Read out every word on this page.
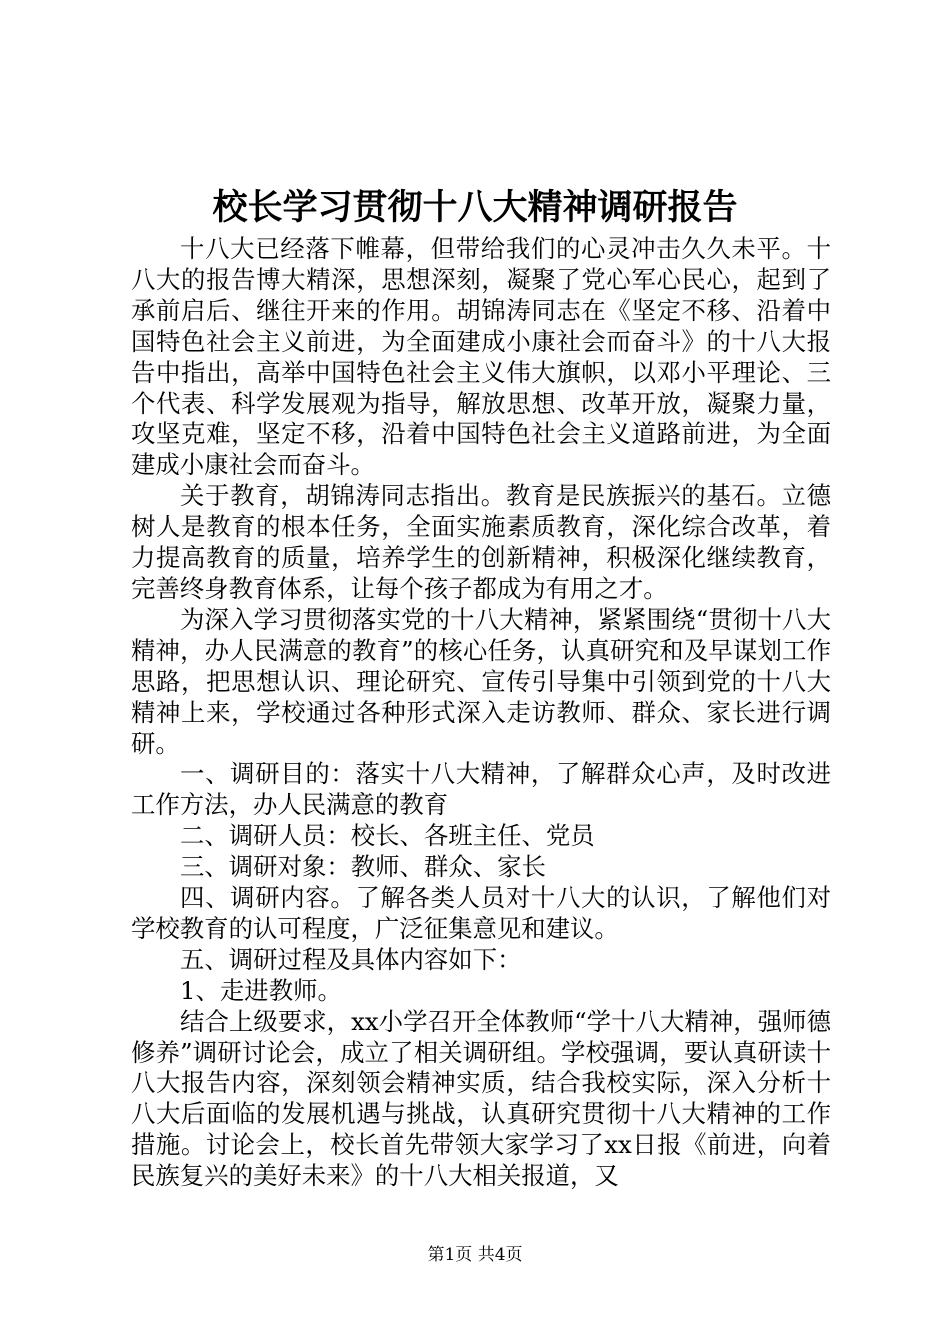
校长学习贯彻十八大精神调研报告

十八大已经落下帷幕，但带给我们的心灵冲击久久未平。十八大的报告博大精深，思想深刻，凝聚了党心军心民心，起到了承前启后、继往开来的作用。胡锦涛同志在《坚定不移、沿着中国特色社会主义前进，为全面建成小康社会而奋斗》的十八大报告中指出，高举中国特色社会主义伟大旗帜，以邓小平理论、三个代表、科学发展观为指导，解放思想、改革开放，凝聚力量，攻坚克难，坚定不移，沿着中国特色社会主义道路前进，为全面建成小康社会而奋斗。

关于教育，胡锦涛同志指出。教育是民族振兴的基石。立德树人是教育的根本任务，全面实施素质教育，深化综合改革，着力提高教育的质量，培养学生的创新精神，积极深化继续教育，完善终身教育体系，让每个孩子都成为有用之才。

为深入学习贯彻落实党的十八大精神，紧紧围绕“贯彻十八大精神，办人民满意的教育”的核心任务，认真研究和及早谋划工作思路，把思想认识、理论研究、宣传引导集中引领到党的十八大精神上来，学校通过各种形式深入走访教师、群众、家长进行调研。

一、调研目的：落实十八大精神，了解群众心声，及时改进工作方法，办人民满意的教育

二、调研人员：校长、各班主任、党员

三、调研对象：教师、群众、家长

四、调研内容。了解各类人员对十八大的认识，了解他们对学校教育的认可程度，广泛征集意见和建议。

五、调研过程及具体内容如下：

1、走进教师。

结合上级要求，xx小学召开全体教师“学十八大精神，强师德修养”调研讨论会，成立了相关调研组。学校强调，要认真研读十八大报告内容，深刻领会精神实质，结合我校实际，深入分析十八大后面临的发展机遇与挑战，认真研究贯彻十八大精神的工作措施。讨论会上，校长首先带领大家学习了xx日报《前进，向着民族复兴的美好未来》的十八大相关报道，又

第1页 共4页
